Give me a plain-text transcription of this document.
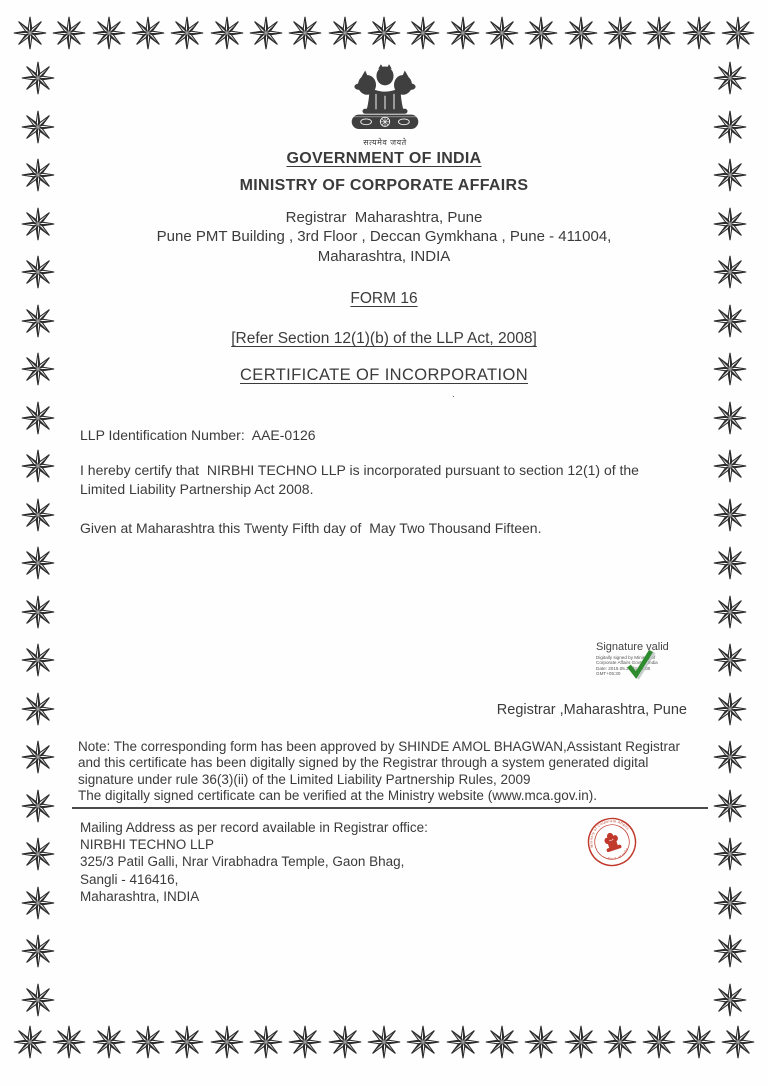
सत्यमेव जयते
GOVERNMENT OF INDIA
MINISTRY OF CORPORATE AFFAIRS
Registrar  Maharashtra, Pune
Pune PMT Building , 3rd Floor , Deccan Gymkhana , Pune - 411004,
Maharashtra, INDIA
FORM 16
[Refer Section 12(1)(b) of the LLP Act, 2008]
CERTIFICATE OF INCORPORATION
.
LLP Identification Number:  AAE-0126
I hereby certify that  NIRBHI TECHNO LLP is incorporated pursuant to section 12(1) of the
Limited Liability Partnership Act 2008.
Given at Maharashtra this Twenty Fifth day of  May Two Thousand Fifteen.
Signature valid
Digitally signed by Ministry of
Corporate Affairs Govt of India
Date: 2015.05.25 11:54:08
GMT+05:30
Registrar ,Maharashtra, Pune
Note: The corresponding form has been approved by SHINDE AMOL BHAGWAN,Assistant Registrar
and this certificate has been digitally signed by the Registrar through a system generated digital
signature under rule 36(3)(ii) of the Limited Liability Partnership Rules, 2009
The digitally signed certificate can be verified at the Ministry website (www.mca.gov.in).
Mailing Address as per record available in Registrar office:
NIRBHI TECHNO LLP
325/3 Patil Galli, Nrar Virabhadra Temple, Gaon Bhag,
Sangli - 416416,
Maharashtra, INDIA
Ministry of Corporate Affairs
Govt. of India
